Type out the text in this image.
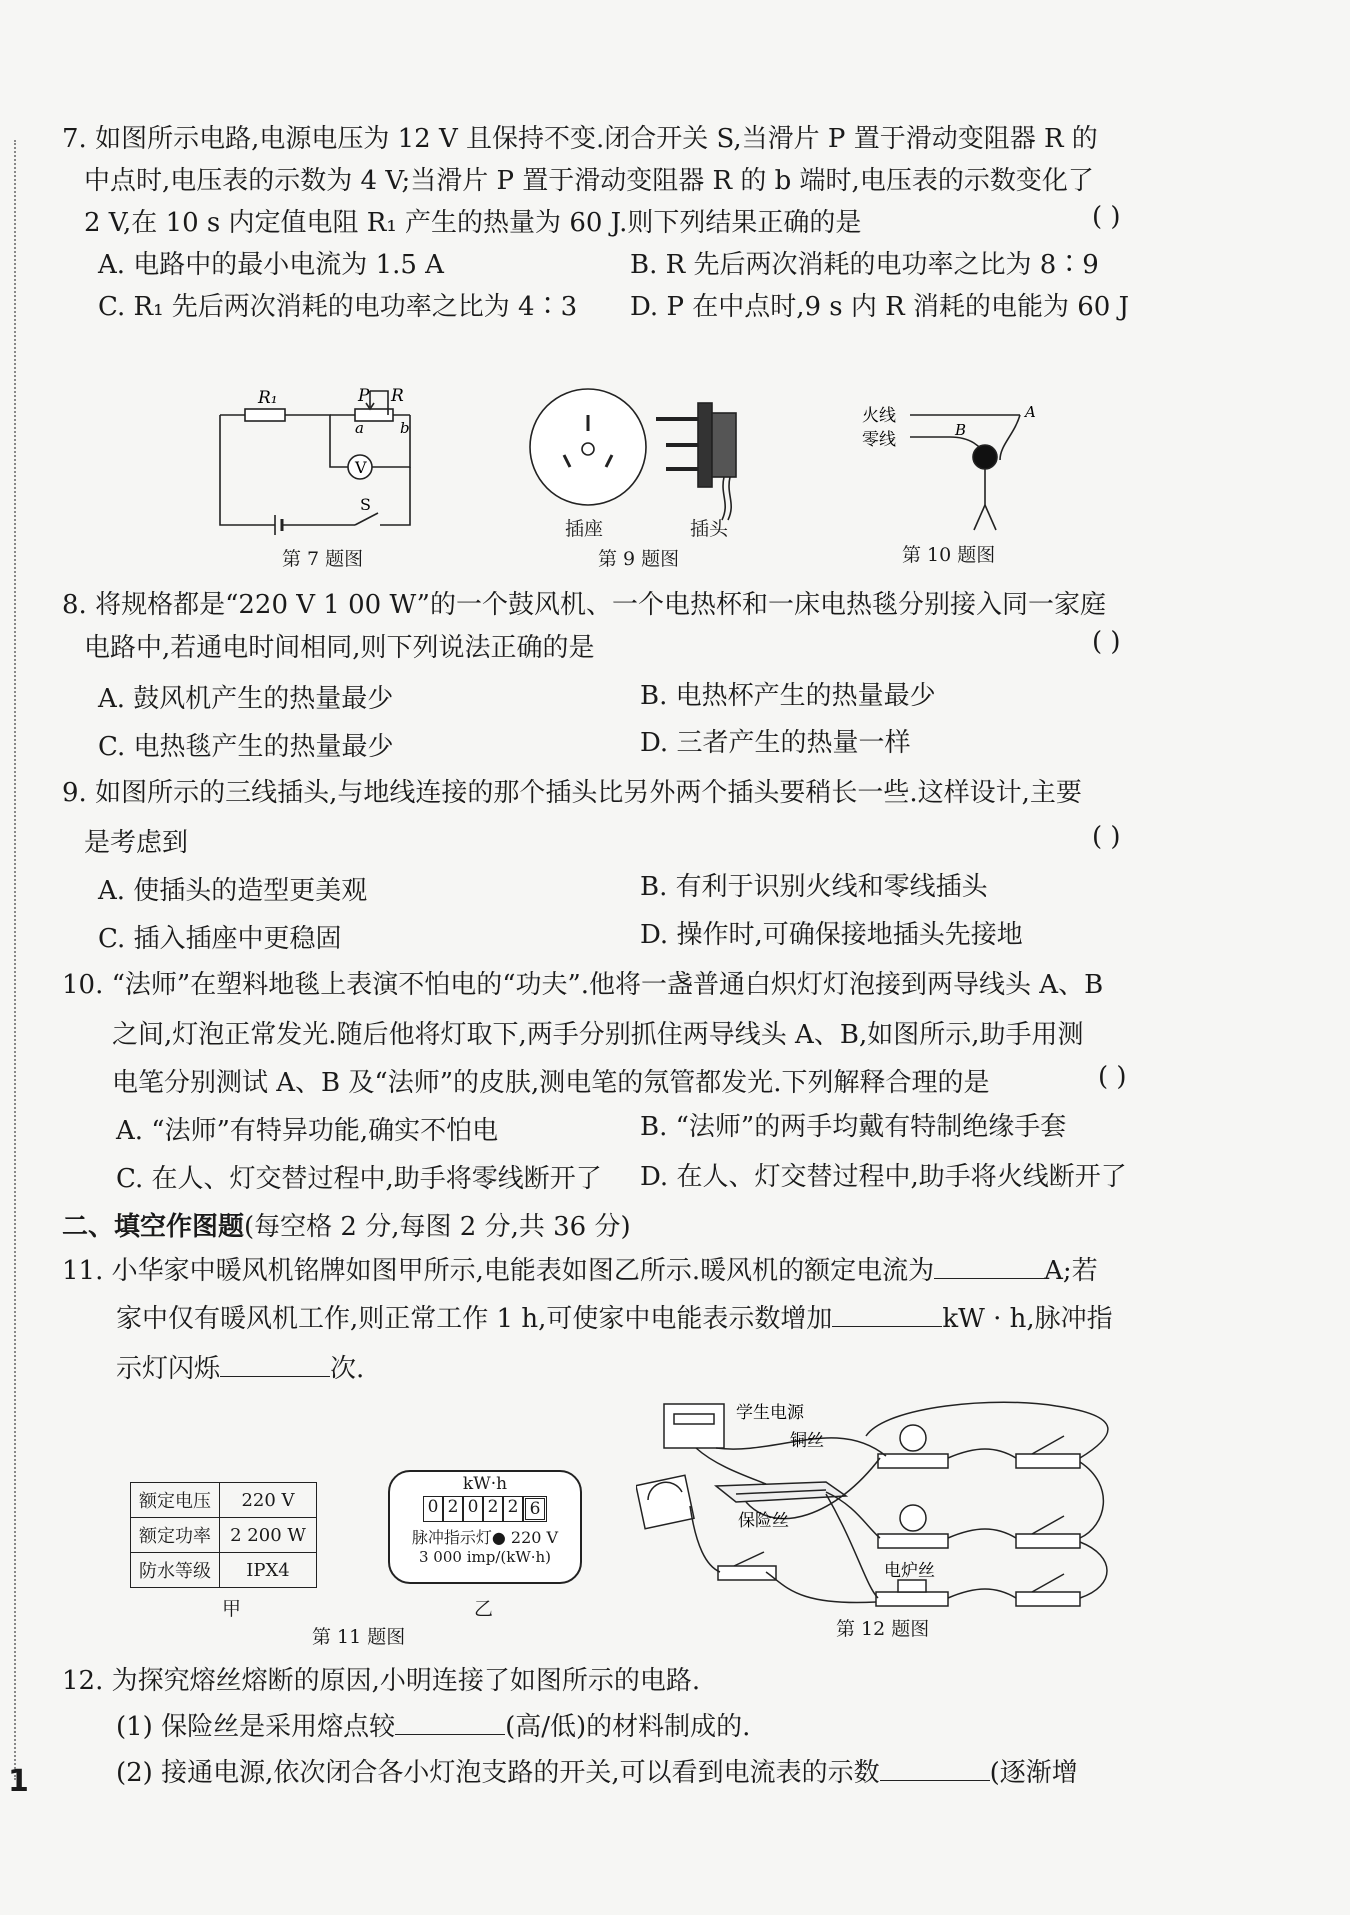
7. 如图所示电路,电源电压为 12 V 且保持不变.闭合开关 S,当滑片 P 置于滑动变阻器 R 的
中点时,电压表的示数为 4 V;当滑片 P 置于滑动变阻器 R 的 b 端时,电压表的示数变化了
2 V,在 10 s 内定值电阻 R₁ 产生的热量为 60 J.则下列结果正确的是	( )
A. 电路中的最小电流为 1.5 A	B. R 先后两次消耗的电功率之比为 8∶9
C. R₁ 先后两次消耗的电功率之比为 4∶3 D. P 在中点时,9 s 内 R 消耗的电能为 60 J
R₁	P R
a b
V
S
火线
零线
A
B
插座	插头
第 7 题图	第 9 题图	第 10 题图
8. 将规格都是“220 V 1 00 W”的一个鼓风机、一个电热杯和一床电热毯分别接入同一家庭
电路中,若通电时间相同,则下列说法正确的是	( )
A. 鼓风机产生的热量最少	B. 电热杯产生的热量最少
C. 电热毯产生的热量最少	D. 三者产生的热量一样
9. 如图所示的三线插头,与地线连接的那个插头比另外两个插头要稍长一些.这样设计,主要
是考虑到	( )
A. 使插头的造型更美观	B. 有利于识别火线和零线插头
C. 插入插座中更稳固	D. 操作时,可确保接地插头先接地
10. “法师”在塑料地毯上表演不怕电的“功夫”.他将一盏普通白炽灯灯泡接到两导线头 A、B
之间,灯泡正常发光.随后他将灯取下,两手分别抓住两导线头 A、B,如图所示,助手用测
电笔分别测试 A、B 及“法师”的皮肤,测电笔的氖管都发光.下列解释合理的是	( )
A. “法师”有特异功能,确实不怕电	B. “法师”的两手均戴有特制绝缘手套
C. 在人、灯交替过程中,助手将零线断开了 D. 在人、灯交替过程中,助手将火线断开了
二、填空作图题(每空格 2 分,每图 2 分,共 36 分)
11. 小华家中暖风机铭牌如图甲所示,电能表如图乙所示.暖风机的额定电流为	A;若
家中仅有暖风机工作,则正常工作 1 h,可使家中电能表示数增加	kW · h,脉冲指
示灯闪烁	次.
额定电压	220 V
额定功率	2 200 W
防水等级	IPX4
甲
kW·h
0 2 0 2 2 6
脉冲指示灯● 220 V
3 000 imp/(kW·h)
乙
第 11 题图
学生电源
铜丝
保险丝
电炉丝
第 12 题图
12. 为探究熔丝熔断的原因,小明连接了如图所示的电路.
(1) 保险丝是采用熔点较	(高/低)的材料制成的.
(2) 接通电源,依次闭合各小灯泡支路的开关,可以看到电流表的示数	(逐渐增
1
